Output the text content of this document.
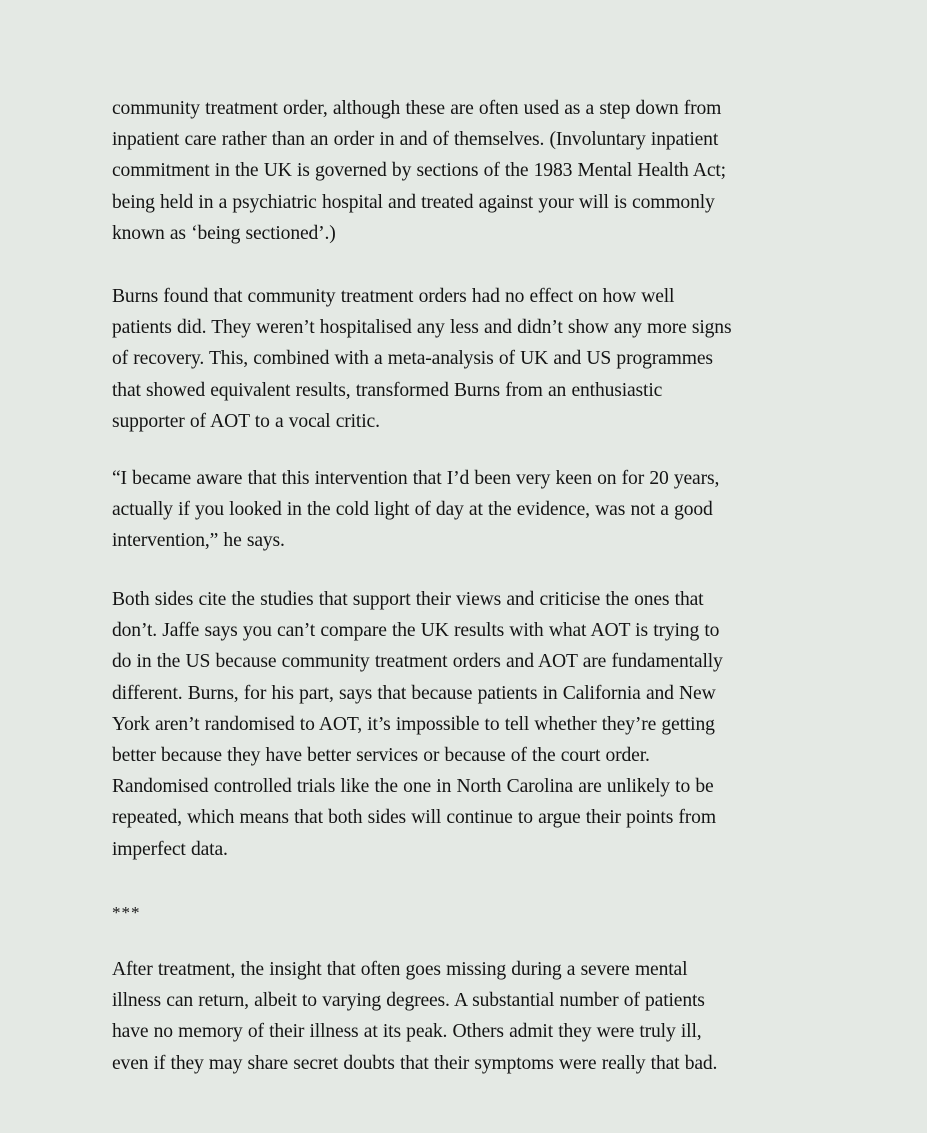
community treatment order, although these are often used as a step down from
inpatient care rather than an order in and of themselves. (Involuntary inpatient
commitment in the UK is governed by sections of the 1983 Mental Health Act;
being held in a psychiatric hospital and treated against your will is commonly
known as ‘being sectioned’.)

Burns found that community treatment orders had no effect on how well
patients did. They weren’t hospitalised any less and didn’t show any more signs
of recovery. This, combined with a meta-analysis of UK and US programmes
that showed equivalent results, transformed Burns from an enthusiastic
supporter of AOT to a vocal critic.

“I became aware that this intervention that I’d been very keen on for 20 years,
actually if you looked in the cold light of day at the evidence, was not a good
intervention,” he says.

Both sides cite the studies that support their views and criticise the ones that
don’t. Jaffe says you can’t compare the UK results with what AOT is trying to
do in the US because community treatment orders and AOT are fundamentally
different. Burns, for his part, says that because patients in California and New
York aren’t randomised to AOT, it’s impossible to tell whether they’re getting
better because they have better services or because of the court order.
Randomised controlled trials like the one in North Carolina are unlikely to be
repeated, which means that both sides will continue to argue their points from
imperfect data.

***

After treatment, the insight that often goes missing during a severe mental
illness can return, albeit to varying degrees. A substantial number of patients
have no memory of their illness at its peak. Others admit they were truly ill,
even if they may share secret doubts that their symptoms were really that bad.
